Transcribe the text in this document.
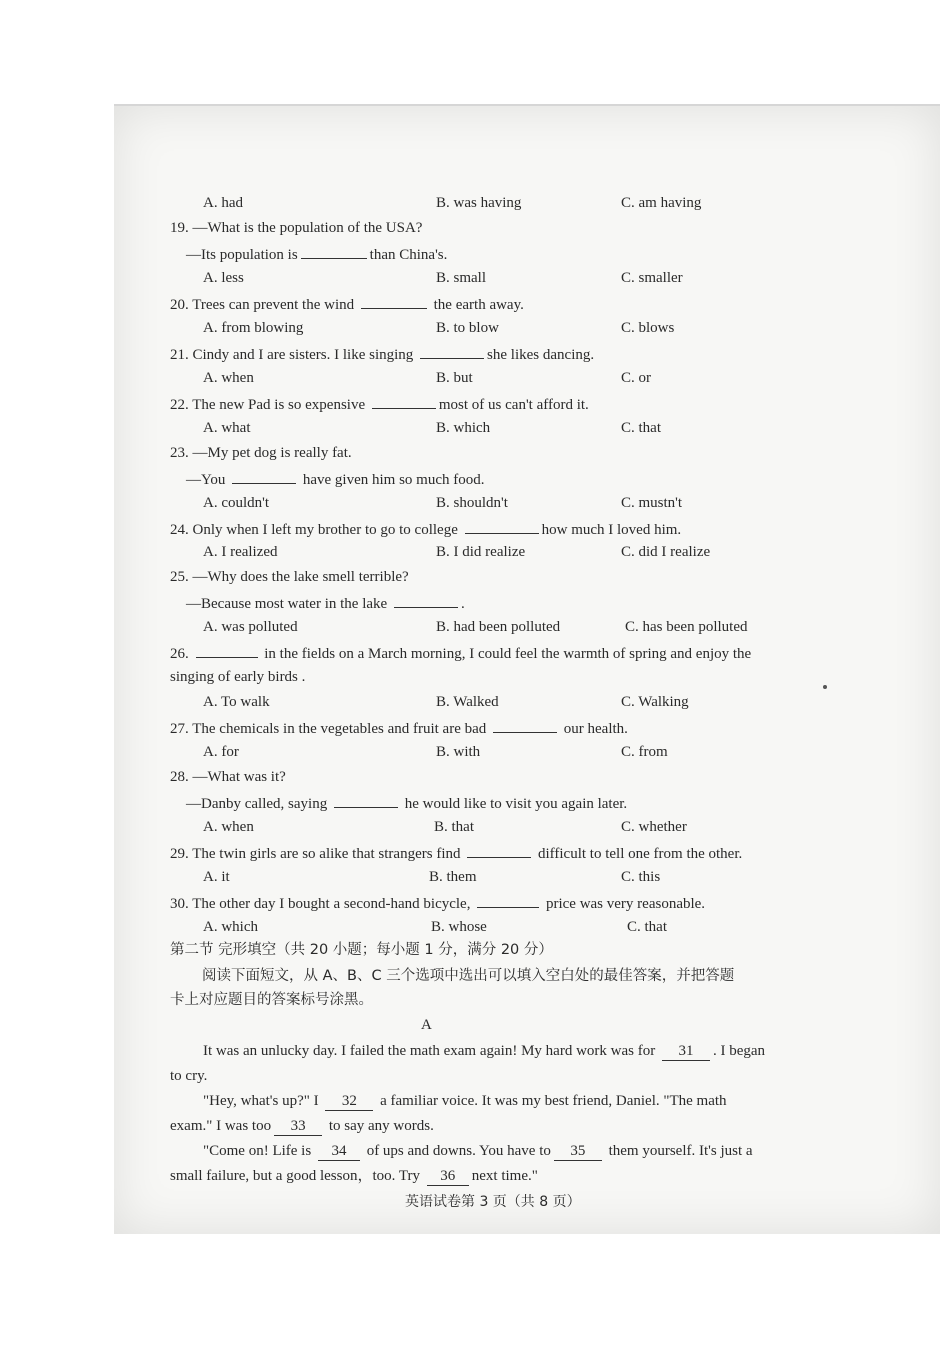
A. had	B. was having	C. am having
19. —What is the population of the USA?
—Its population is	than China's.
A. less	B. small	C. smaller
20. Trees can prevent the wind	the earth away.
A. from blowing	B. to blow	C. blows
21. Cindy and I are sisters. I like singing	she likes dancing.
A. when	B. but	C. or
22. The new Pad is so expensive	most of us can't afford it.
A. what	B. which	C. that
23. —My pet dog is really fat.
—You	have given him so much food.
A. couldn't	B. shouldn't	C. mustn't
24. Only when I left my brother to go to college	how much I loved him.
A. I realized	B. I did realize	C. did I realize
25. —Why does the lake smell terrible?
—Because most water in the lake	.
A. was polluted	B. had been polluted	C. has been polluted
26.	in the fields on a March morning, I could feel the warmth of spring and enjoy the
singing of early birds .
A. To walk	B. Walked	C. Walking
27. The chemicals in the vegetables and fruit are bad	our health.
A. for	B. with	C. from
28. —What was it?
—Danby called, saying	he would like to visit you again later.
A. when	B. that	C. whether
29. The twin girls are so alike that strangers find	difficult to tell one from the other.
A. it	B. them	C. this
30. The other day I bought a second-hand bicycle,	price was very reasonable.
A. which	B. whose	C. that
第二节 完形填空（共 20 小题；每小题 1 分，满分 20 分）
阅读下面短文，从 A、B、C 三个选项中选出可以填入空白处的最佳答案，并把答题
卡上对应题目的答案标号涂黑。
A
It was an unlucky day. I failed the math exam again! My hard work was for 31 . I began
to cry.
"Hey, what's up?" I 32 a familiar voice. It was my best friend, Daniel. "The math
exam." I was too 33 to say any words.
"Come on! Life is 34 of ups and downs. You have to 35 them yourself. It's just a
small failure, but a good lesson，too. Try 36 next time."
英语试卷第 3 页（共 8 页）
